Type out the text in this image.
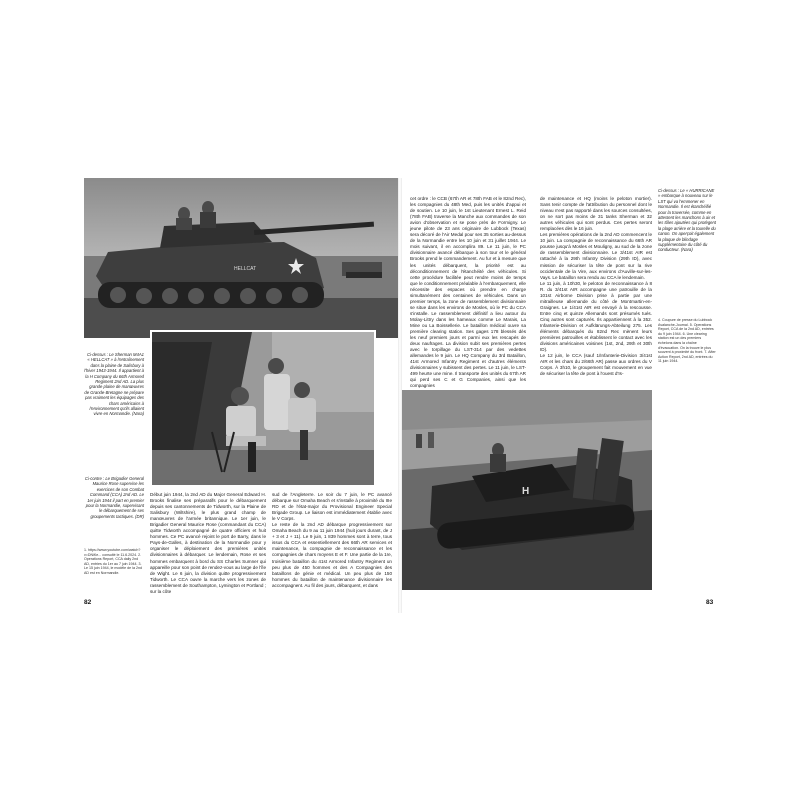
HELLCAT

Ci-dessus : Le Sherman M4A1 « HELLCAT » à l'entraînement dans la plaine de Salisbury à l'hiver 1943-1944. Il appartient à la H Company du 66th Armored Regiment 2nd AD. La plus grande plaine de manœuvres de Grande-Bretagne ne prépare pas vraiment les équipages des chars américains à l'environnement qu'ils allaient vivre en Normandie. (Nara)

Ci-contre : Le Brigadier General Maurice Rose supervise les exercices de son Combat Command (CCA) 2nd AD. Le 1er juin 1944 il part en premier pour la Normandie, supervisant le débarquement de ses groupements tactiques. (DR)

1. https://www.youtube.com/watch?v=DNiKe... consulté le 11.6.2024. 2. Operations Report, CCA daily 2nd AD, entries du 1er au 7 juin 1944. 3. Le 15 juin 1944, le modèle de la 2nd AD est en Normandie.

Début juin 1944, la 2nd AD du Major General Edward H. Brooks finalise ses préparatifs pour le débarquement depuis ses cantonnements de Tidworth, sur la Plaine de Salisbury (Wiltshire), le plus grand champ de manœuvres de l'armée britannique. Le 1er juin, le Brigadier General Maurice Rose (commandant du CCA) quitte Tidworth accompagné de quatre officiers et huit hommes. Ce PC avancé rejoint le port de Barry, dans le Pays-de-Galles, à destination de la Normandie pour y organiser le déploiement des premières unités divisionnaires à débarquer. Le lendemain, Rose et ses hommes embarquent à bord du SS Charles Sumner qui appareille pour son point de rendez-vous au large de l'île de Wight. Le 6 juin, la division quitte progressivement Tidworth. Le CCA ouvre la marche vers les zones de rassemblement de Southampton, Lymington et Portland ; sur la côte

sud de l'Angleterre. Le soir du 7 juin, le PC avancé débarque sur Omaha Beach et s'installe à proximité du IIIe RD et de l'état-major du Provisional Engineer Special Brigade Group. Le liaison est immédiatement établie avec le V Corps.

Le reste de la 2nd AD débarque progressivement sur Omaha Beach du 9 au 11 juin 1944 (huit jours durant, de J + 3 et J + 11). Le 9 juin, 1 839 hommes sont à terre, tous issus du CCA et essentiellement des 66th AR services et maintenance, la compagnie de reconnaissance et les compagnies de chars moyens E et F. Une partie de la 1re, troisième bataillon du 41st Armored Infantry Regiment un peu plus de 450 hommes et des A Compagnies des bataillons de génie et médical. Un peu plus de 150 hommes du bataillon de maintenance divisionnaire les accompagnent. Au fil des jours, débarquent, et dans

82

cet ordre : le CCB (67th AR et 78th FAB et le 82nd Rec), les compagnies du 48th Med, puis les unités d'appui et de soutien. Le 10 juin, le 1st Lieutenant Ernest L. Reid (78th FAB) traverse la Manche aux commandes de son avion d'observation et se pose près de Formigny. Le jeune pilote de 23 ans originaire de Lubbock (Texas) sera décoré de l'Air Medal pour ses 35 sorties au-dessus de la Normandie entre les 10 juin et 31 juillet 1944. Le mois suivant, il en accomplira 89. Le 11 juin, le PC divisionnaire avancé débarque à son tour et le général Brooks prend le commandement. Au fur et à mesure que les unités débarquent, la priorité est au déconditionnement de l'étanchéité des véhicules. Si cette procédure facilitée peut rendre moins de temps que le conditionnement préalable à l'embarquement, elle nécessite des espaces où prendre en charge simultanément des centaines de véhicules. Dans un premier temps, la zone de rassemblement divisionnaire se situe dans les environs de Mosles, où le PC du CCA s'installe. Le rassemblement définitif a lieu autour du Molay-Littry dans les hameaux comme Le Marais, La Mine ou La Boissellerie. Le bataillon médical ouvre sa première clearing station. Ses gages 178 blessés dès les neuf premiers jours et parmi eux les rescapés de deux naufrages. La division subit ses premières pertes avec le torpillage du LST-314 par des vedettes allemandes le 9 juin. Le HQ Company du 3rd Bataillon, 41st Armored Infantry Regiment et d'autres éléments divisionnaires y subissent des pertes. Le 11 juin, le LST-499 heurte une mine. Il transporte des unités du 67th AR qui perd ses C et G Companies, ainsi que les compagnies

de maintenance et HQ (moins le peloton mortier). Sans tenir compte de l'attribution du personnel dont le niveau n'est pas rapporté dans les sources consultées, on ne sort pas moins de 31 tanks Sherman et 32 autres véhicules qui sont perdus. Ces pertes seront remplacées dès le 16 juin.

Les premières opérations de la 2nd AD commencent le 10 juin. La compagnie de reconnaissance du 66th AR pousse jusqu'à Mosles et Mouligny, au sud de la zone de rassemblement divisionnaire. Le 3/41st AIR est rattaché à la 29th Infantry Division (29th ID), avec mission de sécuriser la tête de pont sur la rive occidentale de la Vire, aux environs d'Auville-sur-les-Vays. Le bataillon sera rendu au CCA le lendemain.

Le 11 juin, à 10h30, le peloton de reconnaissance à 8 R. du 3/41st AIR accompagne une patrouille de la 101st Airborne Division prise à partie par une mitrailleuse allemande du côté de Montmartin-en-Graignes. Le 1/41st AIR est envoyé à la rescousse. Entre cinq et quinze Allemands sont présumés tués. Cinq autres sont capturés. Ils appartiennent à la 352. Infanterie-Division et Aufklärungs-Abteilung 275. Les éléments débarqués du 82nd Rec mènent leurs premières patrouilles et établissent le contact avec les divisions américaines voisines (1st, 2nd, 29th et 30th ID).

Le 12 juin, le CCA (sauf 1/Infanterie-Division 3/41st AIR et les chars du 2/66th AR) passe aux ordres du V Corps. À 3h10, le groupement fait mouvement en vue de sécuriser la tête de pont à l'ouest d'Is-

Ci-dessus : Le « HURRICANE » embarque à nouveau sur le LST qui va l'emmener en Normandie. Il est étanchéifié pour la traversée, comme en attestent les manchons à air et les tôles ajoutées qui protègent la plage arrière et la tourelle du canon. On aperçoit également la plaque de blindage supplémentaire du côté du conducteur. (Nara)

4. Coupure de presse du Lubbock Avalanche-Journal. 5. Operations Report, CCA de la 2nd AD, entrées du 9 juin 1944. 6. Une clearing station est un des premiers échelons dans la chaîne d'évacuation. On la trouve le plus souvent à proximité du front. 7. After Action Report, 2nd AD, entrées du 11 juin 1944.

H
83
